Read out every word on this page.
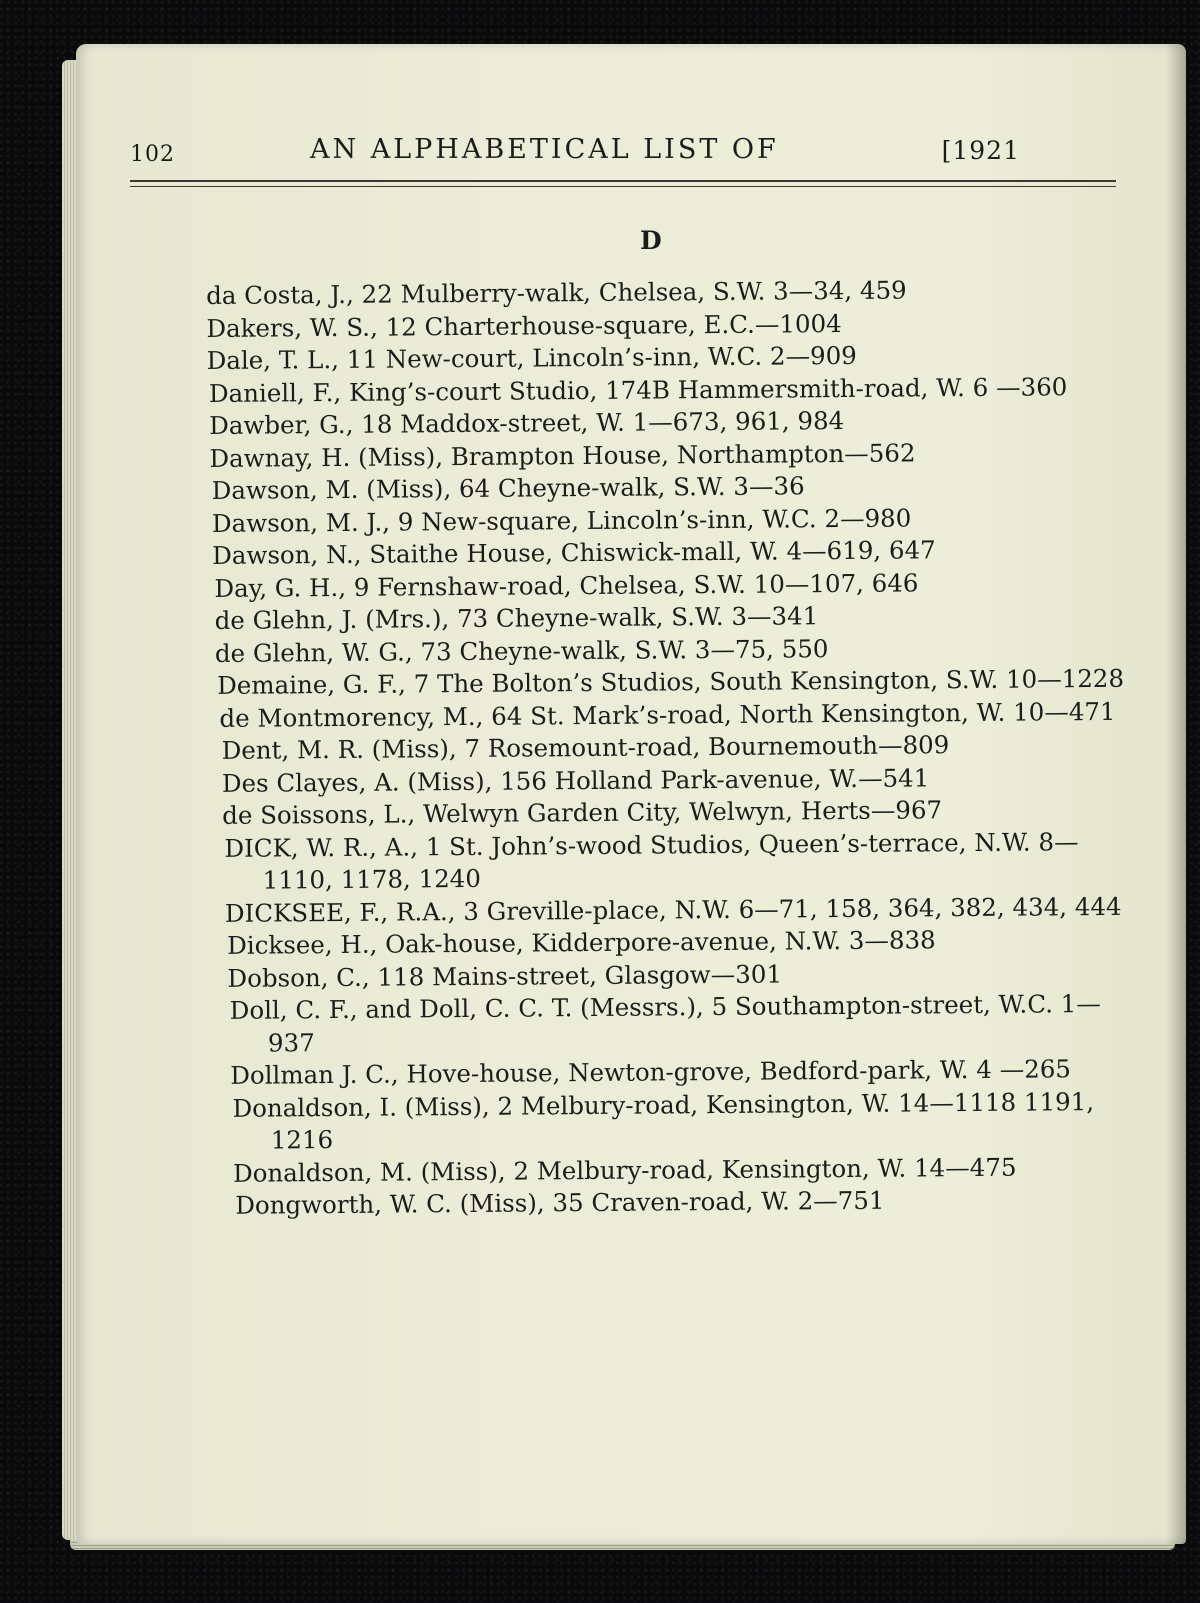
102	AN ALPHABETICAL LIST OF	[1921
D
da Costa, J., 22 Mulberry-walk, Chelsea, S.W. 3—34, 459
Dakers, W. S., 12 Charterhouse-square, E.C.—1004
Dale, T. L., 11 New-court, Lincoln’s-inn, W.C. 2—909
Daniell, F., King’s-court Studio, 174B Hammersmith-road, W. 6 —360
Dawber, G., 18 Maddox-street, W. 1—673, 961, 984
Dawnay, H. (Miss), Brampton House, Northampton—562
Dawson, M. (Miss), 64 Cheyne-walk, S.W. 3—36
Dawson, M. J., 9 New-square, Lincoln’s-inn, W.C. 2—980
Dawson, N., Staithe House, Chiswick-mall, W. 4—619, 647
Day, G. H., 9 Fernshaw-road, Chelsea, S.W. 10—107, 646
de Glehn, J. (Mrs.), 73 Cheyne-walk, S.W. 3—341
de Glehn, W. G., 73 Cheyne-walk, S.W. 3—75, 550
Demaine, G. F., 7 The Bolton’s Studios, South Kensington, S.W. 10—1228
de Montmorency, M., 64 St. Mark’s-road, North Kensington, W. 10—471
Dent, M. R. (Miss), 7 Rosemount-road, Bournemouth—809
Des Clayes, A. (Miss), 156 Holland Park-avenue, W.—541
de Soissons, L., Welwyn Garden City, Welwyn, Herts—967
DICK, W. R., A., 1 St. John’s-wood Studios, Queen’s-terrace, N.W. 8—1110, 1178, 1240
DICKSEE, F., R.A., 3 Greville-place, N.W. 6—71, 158, 364, 382, 434, 444
Dicksee, H., Oak-house, Kidderpore-avenue, N.W. 3—838
Dobson, C., 118 Mains-street, Glasgow—301
Doll, C. F., and Doll, C. C. T. (Messrs.), 5 Southampton-street, W.C. 1—937
Dollman J. C., Hove-house, Newton-grove, Bedford-park, W. 4 —265
Donaldson, I. (Miss), 2 Melbury-road, Kensington, W. 14—1118 1191, 1216
Donaldson, M. (Miss), 2 Melbury-road, Kensington, W. 14—475
Dongworth, W. C. (Miss), 35 Craven-road, W. 2—751
